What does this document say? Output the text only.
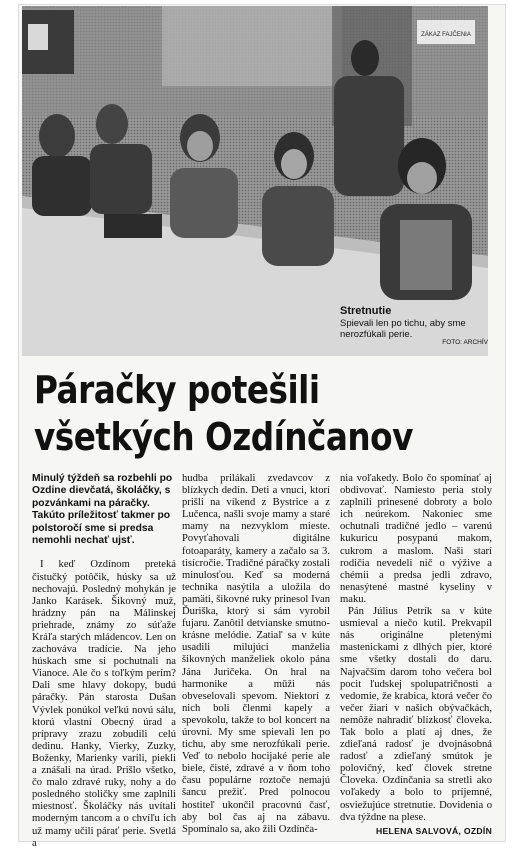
ZÁKAZ FAJČENIA
Stretnutie
Spievali len po tichu, aby sme nerozfúkali perie.
FOTO: ARCHÍV
Páračky potešili
všetkých Ozdínčanov
Minulý týždeň sa rozbehli po Ozdine dievčatá, školáčky, s pozvánkami na páračky. Takúto príležitosť takmer po polstoročí sme si predsa nemohli nechať ujsť.

I keď Ozdínom preteká čistučký potôčik, húsky sa už nechovajú. Posledný mohykán je Janko Karásek. Šikovný muž, hrádzny pán na Málinskej priehrade, známy zo súťaže Kráľa starých mládencov. Len on zachováva tradície. Na jeho húskach sme si pochutnali na Vianoce. Ale čo s toľkým perím? Dali sme hlavy dokopy, budú páračky. Pán starosta Dušan Vývlek ponúkol veľkú novú sálu, ktorú vlastní Obecný úrad a prípravy zrazu zobudili celú dedinu. Hanky, Vierky, Zuzky, Boženky, Marienky varili, piekli a znášali na úrad. Prišlo všetko, čo malo zdravé ruky, nohy a do posledného stoličky sme zaplnili miestnosť. Školáčky nás uvítali moderným tancom a o chvíľu ich už mamy učili párať perie. Svetlá a

hudba prilákali zvedavcov z blízkych dedín. Deti a vnuci, ktorí prišli na víkend z Bystrice a z Lučenca, našli svoje mamy a staré mamy na nezvyklom mieste. Povyťahovali digitálne fotoaparáty, kamery a začalo sa 3. tisícročie. Tradičné páračky zostali minulosťou. Keď sa moderná technika nasýtila a uložila do pamäti, šikovné ruky prinesol Ivan Ďuriška, ktorý si sám vyrobil fujaru. Zanôtil detvianske smutno-krásne melódie. Zatiaľ sa v kúte usadili milujúci manželia šikovných manželiek okolo pána Jána Juričeka. On hral na harmonike a mūži nás obveselovali spevom. Niektorí z nich boli členmi kapely a spevokolu, takže to bol koncert na úrovni. My sme spievali len po tichu, aby sme nerozfúkali perie. Veď to nebolo hocijaké perie ale biele, čisté, zdravé a v ňom toho času populárne roztoče nemajú šancu prežiť. Pred polnocou hostiteľ ukončil pracovnú časť, aby bol čas aj na zábavu. Spomínalo sa, ako žili Ozdínča-

nia voľakedy. Bolo čo spomínať aj obdivovať. Namiesto peria stoly zaplnili prinesené dobroty a bolo ich neúrekom. Nakoniec sme ochutnali tradičné jedlo – varenú kukuricu posypanú makom, cukrom a maslom. Naši starí rodičia nevedeli nič o výžive a chémii a predsa jedli zdravo, nenasýtené mastné kyseliny v maku.

Pán Július Petrík sa v kúte usmieval a niečo kutil. Prekvapil nás originálne pletenými mastenickami z dlhých pier, ktoré sme všetky dostali do daru. Najvačším darom toho večera bol pocit ľudskej spolupatričnosti a vedomie, že krabica, ktorá večer čo večer žiari v našich obývačkách, nemôže nahradiť blízkosť človeka. Tak bolo a platí aj dnes, že zdieľaná radosť je dvojnásobná radosť a zdieľaný smútok je polovičný, keď človek stretne Človeka. Ozdínčania sa stretli ako voľakedy a bolo to príjemné, osviežujúce stretnutie. Dovidenia o dva týždne na plese.

HELENA SALVOVÁ, OZDÍN
